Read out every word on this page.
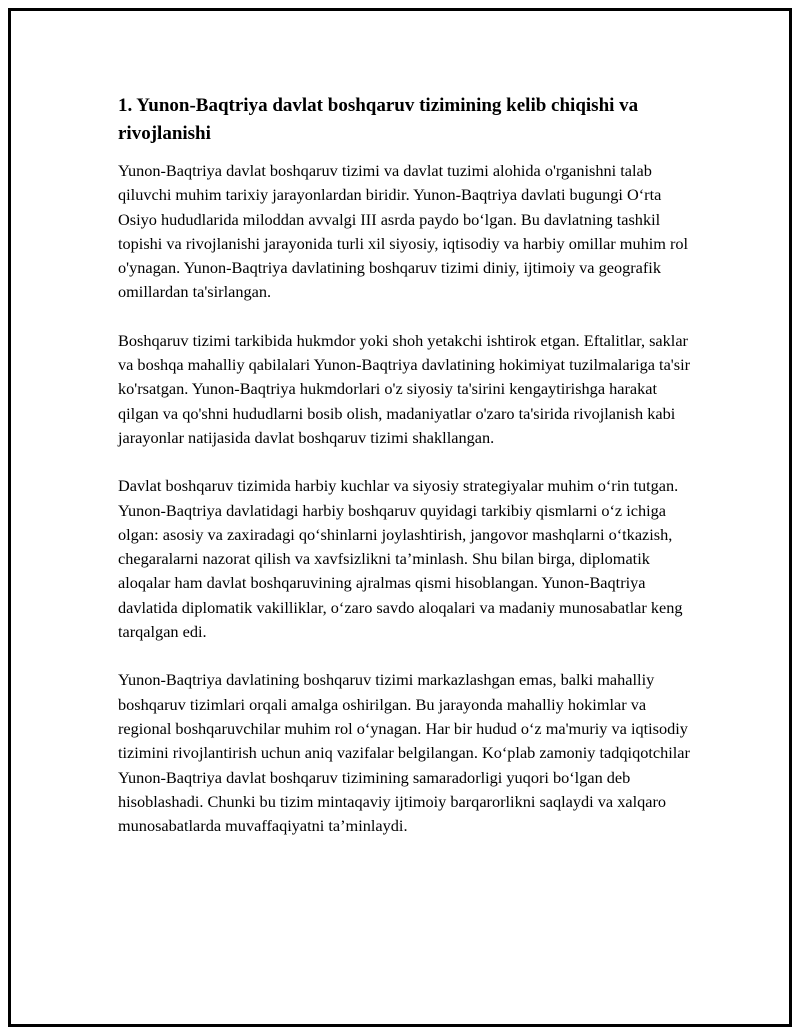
1. Yunon-Baqtriya davlat boshqaruv tizimining kelib chiqishi va rivojlanishi

Yunon-Baqtriya davlat boshqaruv tizimi va davlat tuzimi alohida o'rganishni talab qiluvchi muhim tarixiy jarayonlardan biridir. Yunon-Baqtriya davlati bugungi O‘rta Osiyo hududlarida miloddan avvalgi III asrda paydo bo‘lgan. Bu davlatning tashkil topishi va rivojlanishi jarayonida turli xil siyosiy, iqtisodiy va harbiy omillar muhim rol o'ynagan. Yunon-Baqtriya davlatining boshqaruv tizimi diniy, ijtimoiy va geografik omillardan ta'sirlangan.

Boshqaruv tizimi tarkibida hukmdor yoki shoh yetakchi ishtirok etgan. Eftalitlar, saklar va boshqa mahalliy qabilalari Yunon-Baqtriya davlatining hokimiyat tuzilmalariga ta'sir ko'rsatgan. Yunon-Baqtriya hukmdorlari o'z siyosiy ta'sirini kengaytirishga harakat qilgan va qo'shni hududlarni bosib olish, madaniyatlar o'zaro ta'sirida rivojlanish kabi jarayonlar natijasida davlat boshqaruv tizimi shakllangan.

Davlat boshqaruv tizimida harbiy kuchlar va siyosiy strategiyalar muhim o‘rin tutgan. Yunon-Baqtriya davlatidagi harbiy boshqaruv quyidagi tarkibiy qismlarni o‘z ichiga olgan: asosiy va zaxiradagi qo‘shinlarni joylashtirish, jangovor mashqlarni o‘tkazish, chegaralarni nazorat qilish va xavfsizlikni ta’minlash. Shu bilan birga, diplomatik aloqalar ham davlat boshqaruvining ajralmas qismi hisoblangan. Yunon-Baqtriya davlatida diplomatik vakilliklar, o‘zaro savdo aloqalari va madaniy munosabatlar keng tarqalgan edi.

Yunon-Baqtriya davlatining boshqaruv tizimi markazlashgan emas, balki mahalliy boshqaruv tizimlari orqali amalga oshirilgan. Bu jarayonda mahalliy hokimlar va regional boshqaruvchilar muhim rol o‘ynagan. Har bir hudud o‘z ma'muriy va iqtisodiy tizimini rivojlantirish uchun aniq vazifalar belgilangan. Ko‘plab zamoniy tadqiqotchilar Yunon-Baqtriya davlat boshqaruv tizimining samaradorligi yuqori bo‘lgan deb hisoblashadi. Chunki bu tizim mintaqaviy ijtimoiy barqarorlikni saqlaydi va xalqaro munosabatlarda muvaffaqiyatni ta’minlaydi.
